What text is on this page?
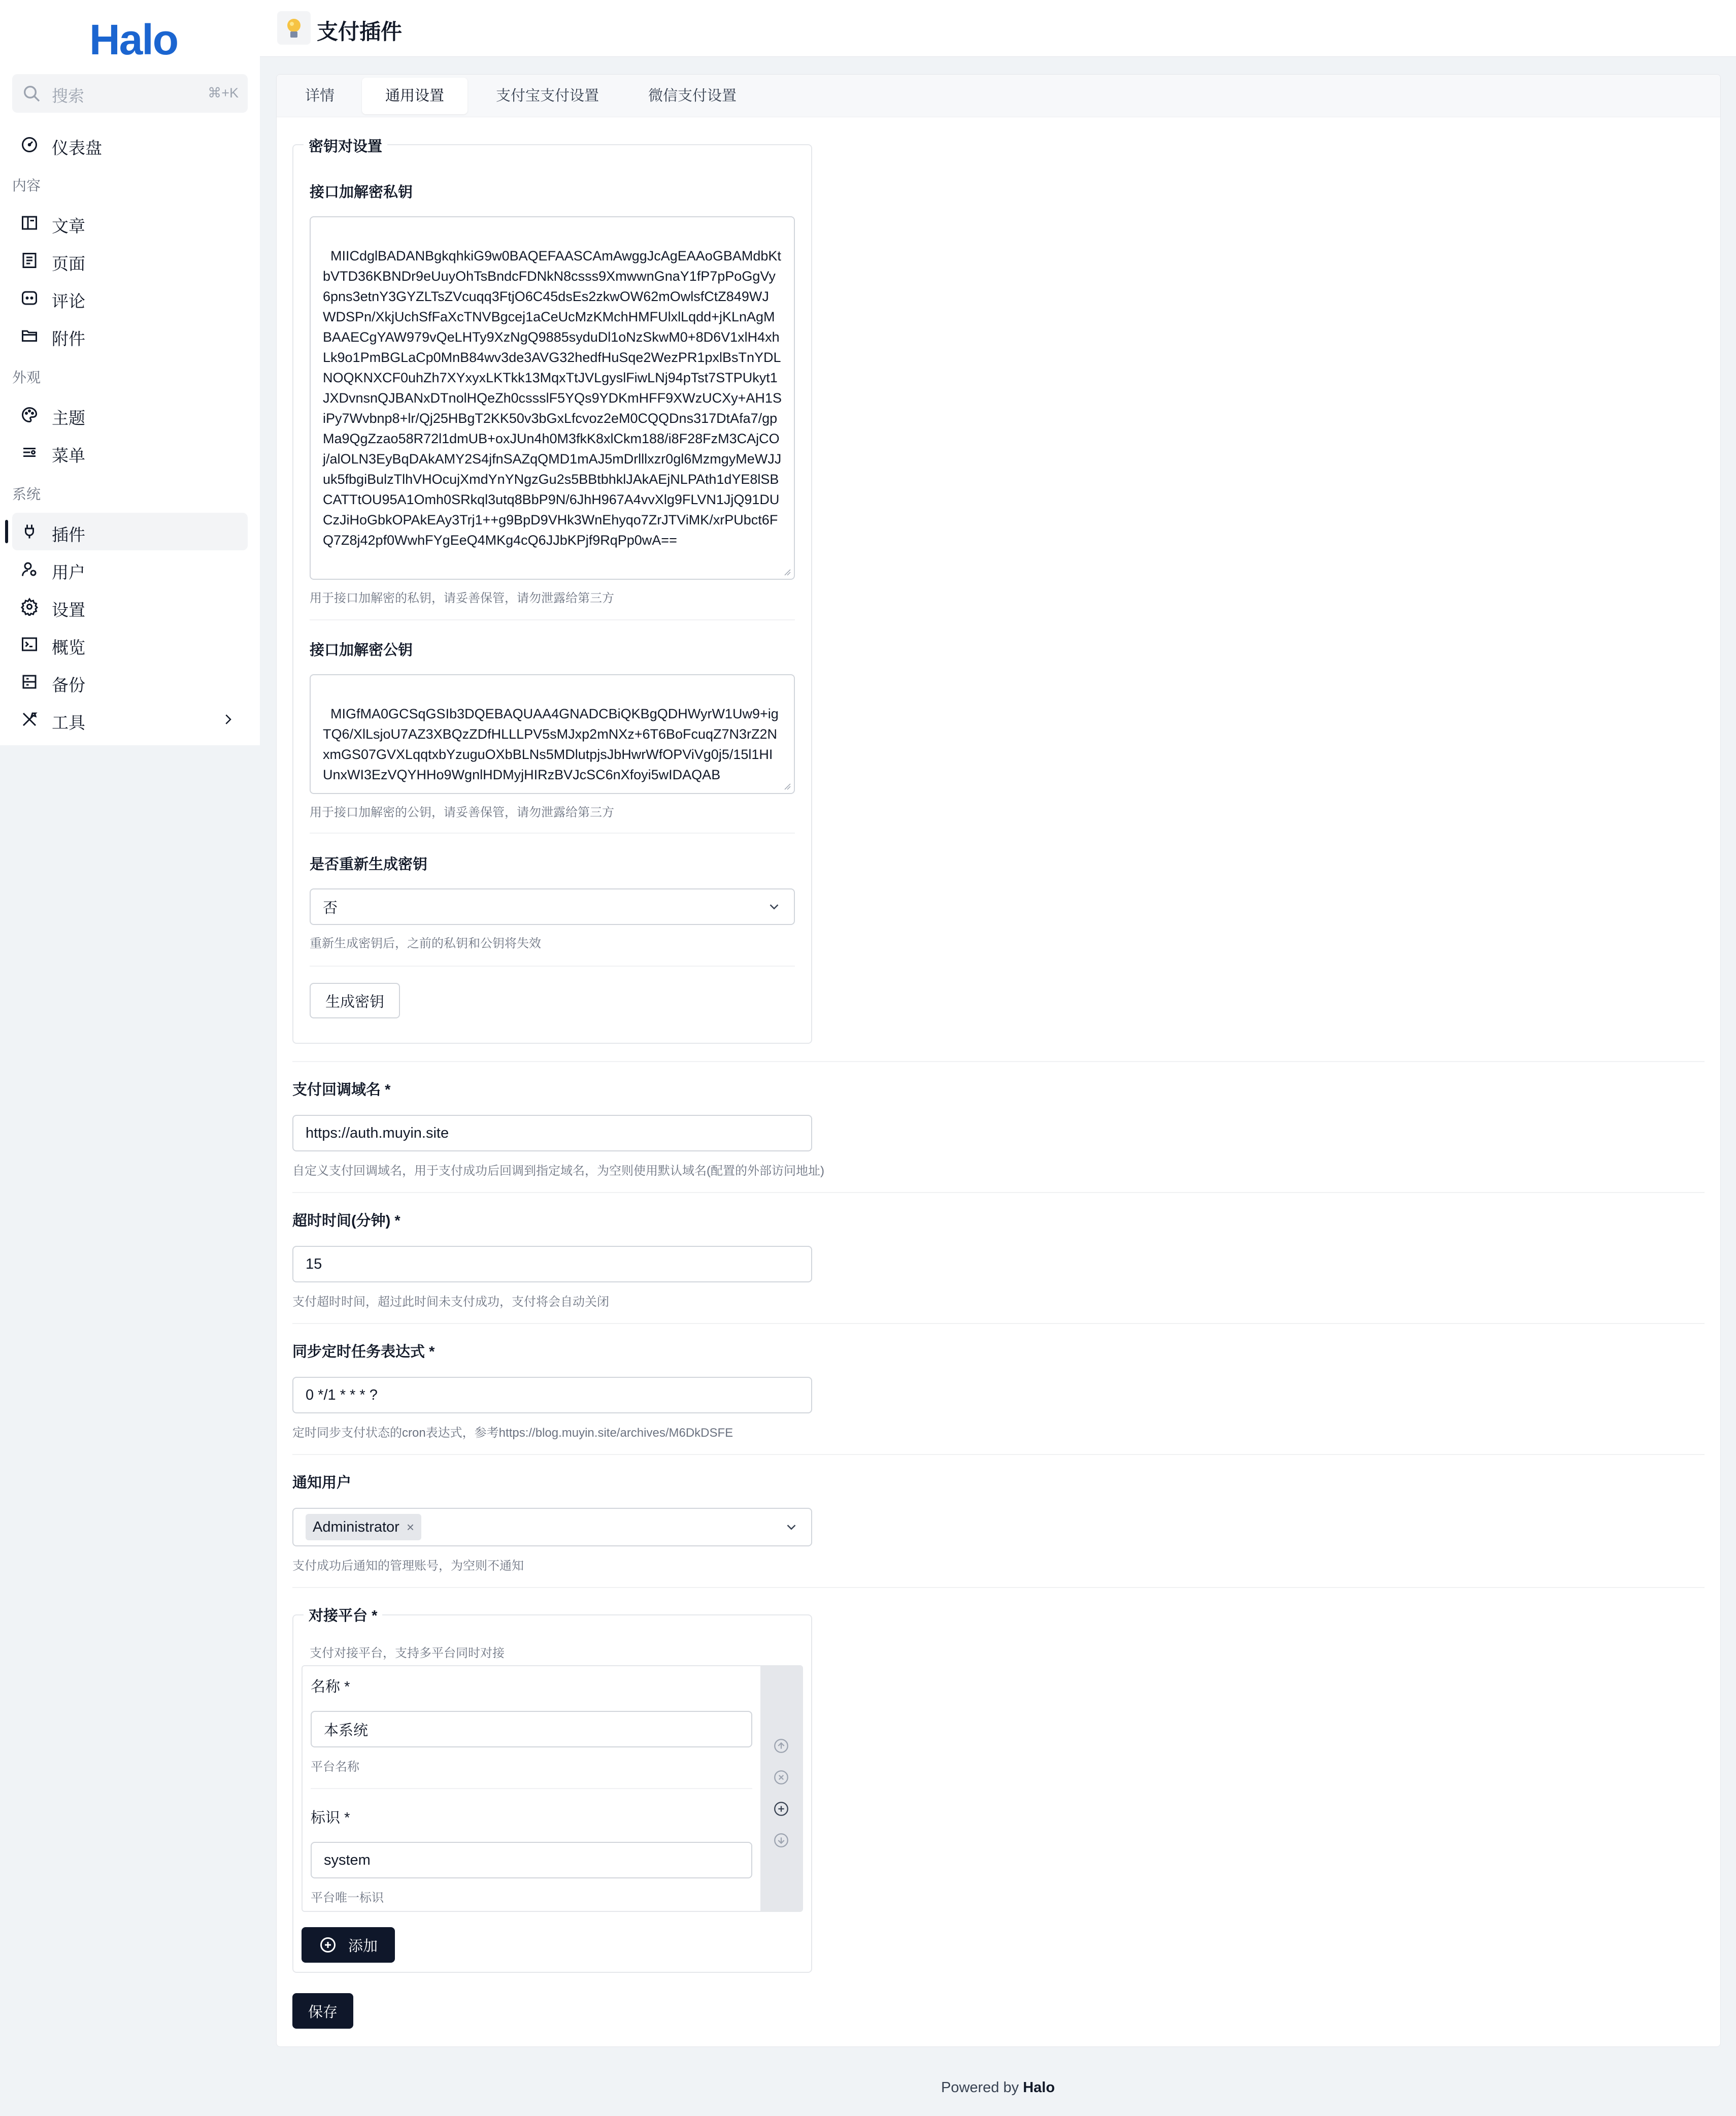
Halo
搜索	⌘+K
仪表盘
内容
文章
页面
评论
附件
外观
主题
菜单
系统
插件
用户
设置
概览
备份
工具
支付插件
详情	通用设置	支付宝支付设置	微信支付设置
密钥对设置
接口加解密私钥

MIICdglBADANBgkqhkiG9w0BAQEFAASCAmAwggJcAgEAAoGBAMdbKtbVTD36KBNDr9eUuyOhTsBndcFDNkN8csss9XmwwnGnaY1fP7pPoGgVy6pns3etnY3GYZLTsZVcuqq3FtjO6C45dsEs2zkwOW62mOwlsfCtZ849WJWDSPn/XkjUchSfFaXcTNVBgcej1aCeUcMzKMchHMFUlxlLqdd+jKLnAgMBAAECgYAW979vQeLHTy9XzNgQ9885syduDl1oNzSkwM0+8D6V1xlH4xhLk9o1PmBGLaCp0MnB84wv3de3AVG32hedfHuSqe2WezPR1pxlBsTnYDLNOQKNXCF0uhZh7XYxyxLKTkk13MqxTtJVLgyslFiwLNj94pTst7STPUkyt1JXDvnsnQJBANxDTnolHQeZh0cssslF5YQs9YDKmHFF9XWzUCXy+AH1SiPy7Wvbnp8+lr/Qj25HBgT2KK50v3bGxLfcvoz2eM0CQQDns317DtAfa7/gpMa9QgZzao58R72l1dmUB+oxJUn4h0M3fkK8xlCkm188/i8F28FzM3CAjCOj/alOLN3EyBqDAkAMY2S4jfnSAZqQMD1mAJ5mDrlllxzr0gl6MzmgyMeWJJuk5fbgiBulzTlhVHOcujXmdYnYNgzGu2s5BBtbhklJAkAEjNLPAth1dYE8lSBCATTtOU95A1Omh0SRkql3utq8BbP9N/6JhH967A4vvXlg9FLVN1JjQ91DUCzJiHoGbkOPAkEAy3Trj1++g9BpD9VHk3WnEhyqo7ZrJTViMK/xrPUbct6FQ7Z8j42pf0WwhFYgEeQ4MKg4cQ6JJbKPjf9RqPp0wA==

用于接口加解密的私钥，请妥善保管，请勿泄露给第三方
接口加解密公钥

MIGfMA0GCSqGSIb3DQEBAQUAA4GNADCBiQKBgQDHWyrW1Uw9+igTQ6/XlLsjoU7AZ3XBQzZDfHLLLPV5sMJxp2mNXz+6T6BoFcuqZ7N3rZ2NxmGS07GVXLqqtxbYzuguOXbBLNs5MDlutpjsJbHwrWfOPViVg0j5/15l1HIUnxWI3EzVQYHHo9WgnlHDMyjHIRzBVJcSC6nXfoyi5wIDAQAB

用于接口加解密的公钥，请妥善保管，请勿泄露给第三方
是否重新生成密钥
否
重新生成密钥后，之前的私钥和公钥将失效
生成密钥
支付回调域名 *
https://auth.muyin.site
自定义支付回调域名，用于支付成功后回调到指定域名，为空则使用默认域名(配置的外部访问地址)
超时时间(分钟) *
15
支付超时时间，超过此时间未支付成功，支付将会自动关闭
同步定时任务表达式 *
0 */1 * * * ?
定时同步支付状态的cron表达式，参考https://blog.muyin.site/archives/M6DkDSFE
通知用户
Administrator ×
支付成功后通知的管理账号，为空则不通知
对接平台 *
支付对接平台，支持多平台同时对接
名称 *
本系统
平台名称
标识 *
system
平台唯一标识
添加
保存
Powered by Halo
